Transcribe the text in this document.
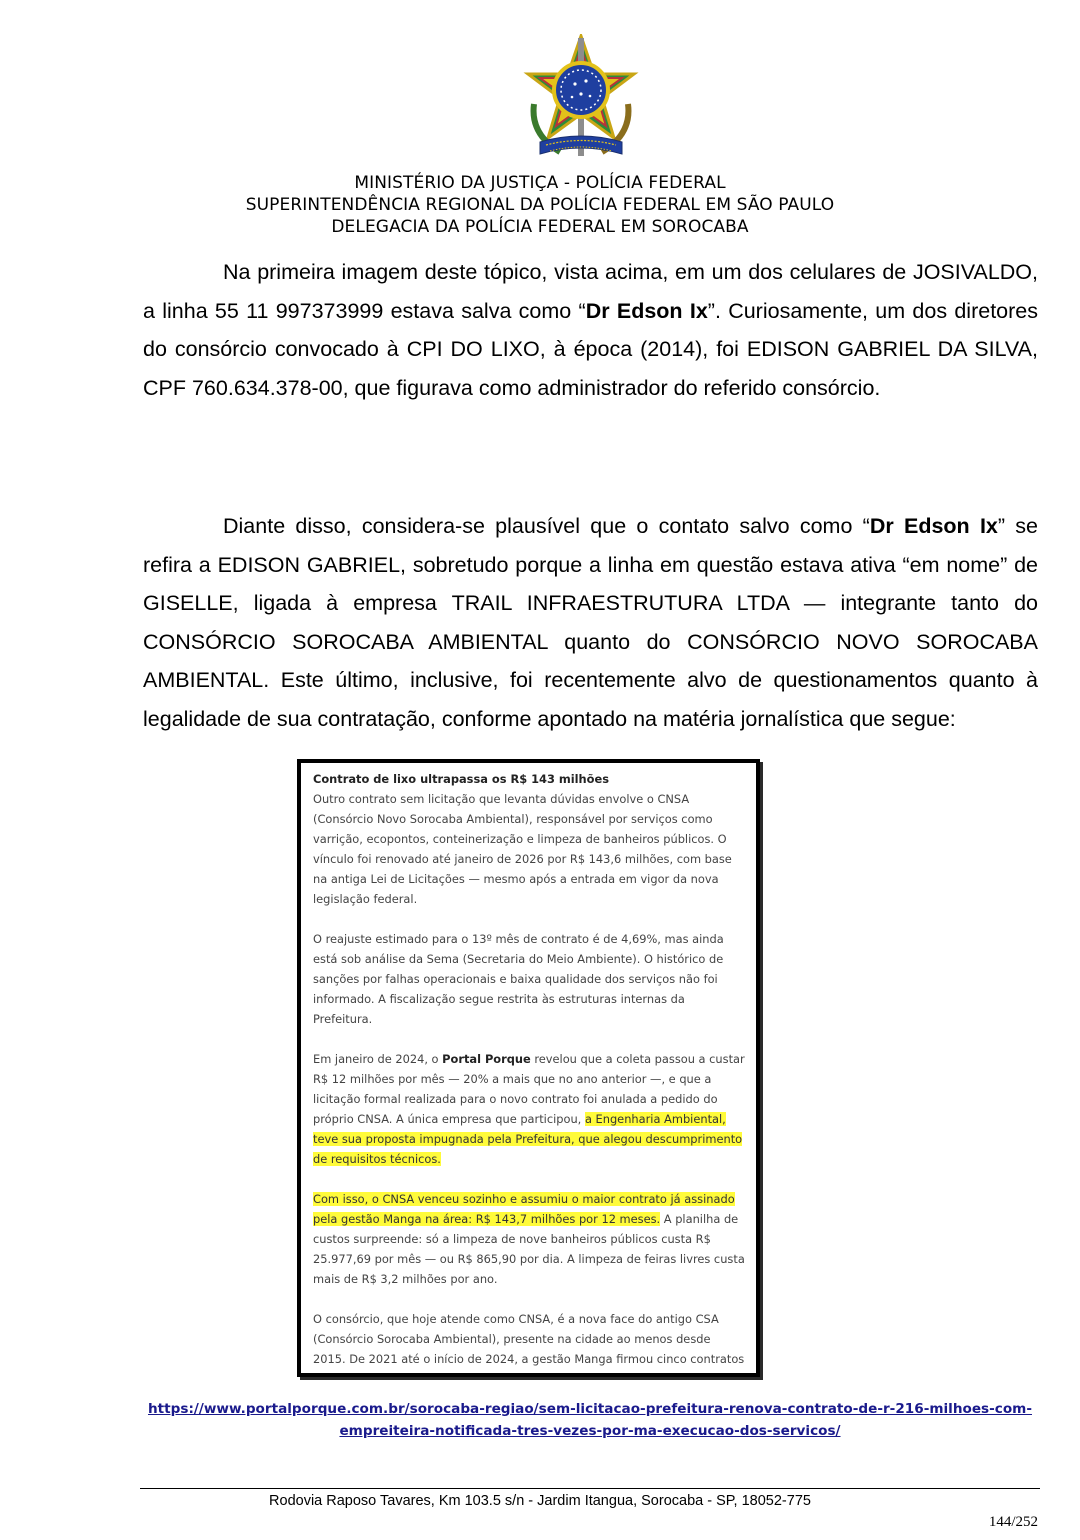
MINISTÉRIO DA JUSTIÇA - POLÍCIA FEDERAL
SUPERINTENDÊNCIA REGIONAL DA POLÍCIA FEDERAL EM SÃO PAULO
DELEGACIA DA POLÍCIA FEDERAL EM SOROCABA

Na primeira imagem deste tópico, vista acima, em um dos celulares de JOSIVALDO, a linha 55 11 997373999 estava salva como “Dr Edson Ix”. Curiosamente, um dos diretores do consórcio convocado à CPI DO LIXO, à época (2014), foi EDISON GABRIEL DA SILVA, CPF 760.634.378-00, que figurava como administrador do referido consórcio.

Diante disso, considera-se plausível que o contato salvo como “Dr Edson Ix” se refira a EDISON GABRIEL, sobretudo porque a linha em questão estava ativa “em nome” de GISELLE, ligada à empresa TRAIL INFRAESTRUTURA LTDA — integrante tanto do CONSÓRCIO SOROCABA AMBIENTAL quanto do CONSÓRCIO NOVO SOROCABA AMBIENTAL. Este último, inclusive, foi recentemente alvo de questionamentos quanto à legalidade de sua contratação, conforme apontado na matéria jornalística que segue:

Contrato de lixo ultrapassa os R$ 143 milhões

Outro contrato sem licitação que levanta dúvidas envolve o CNSA (Consórcio Novo Sorocaba Ambiental), responsável por serviços como varrição, ecopontos, conteinerização e limpeza de banheiros públicos. O vínculo foi renovado até janeiro de 2026 por R$ 143,6 milhões, com base na antiga Lei de Licitações — mesmo após a entrada em vigor da nova legislação federal.

O reajuste estimado para o 13º mês de contrato é de 4,69%, mas ainda está sob análise da Sema (Secretaria do Meio Ambiente). O histórico de sanções por falhas operacionais e baixa qualidade dos serviços não foi informado. A fiscalização segue restrita às estruturas internas da Prefeitura.

Em janeiro de 2024, o Portal Porque revelou que a coleta passou a custar R$ 12 milhões por mês — 20% a mais que no ano anterior —, e que a licitação formal realizada para o novo contrato foi anulada a pedido do próprio CNSA. A única empresa que participou, a Engenharia Ambiental, teve sua proposta impugnada pela Prefeitura, que alegou descumprimento de requisitos técnicos.

Com isso, o CNSA venceu sozinho e assumiu o maior contrato já assinado pela gestão Manga na área: R$ 143,7 milhões por 12 meses. A planilha de custos surpreende: só a limpeza de nove banheiros públicos custa R$ 25.977,69 por mês — ou R$ 865,90 por dia. A limpeza de feiras livres custa mais de R$ 3,2 milhões por ano.

O consórcio, que hoje atende como CNSA, é a nova face do antigo CSA (Consórcio Sorocaba Ambiental), presente na cidade ao menos desde 2015. De 2021 até o início de 2024, a gestão Manga firmou cinco contratos

https://www.portalporque.com.br/sorocaba-regiao/sem-licitacao-prefeitura-renova-contrato-de-r-216-milhoes-com-
empreiteira-notificada-tres-vezes-por-ma-execucao-dos-servicos/
Rodovia Raposo Tavares, Km 103.5 s/n - Jardim Itangua, Sorocaba - SP, 18052-775
144/252
